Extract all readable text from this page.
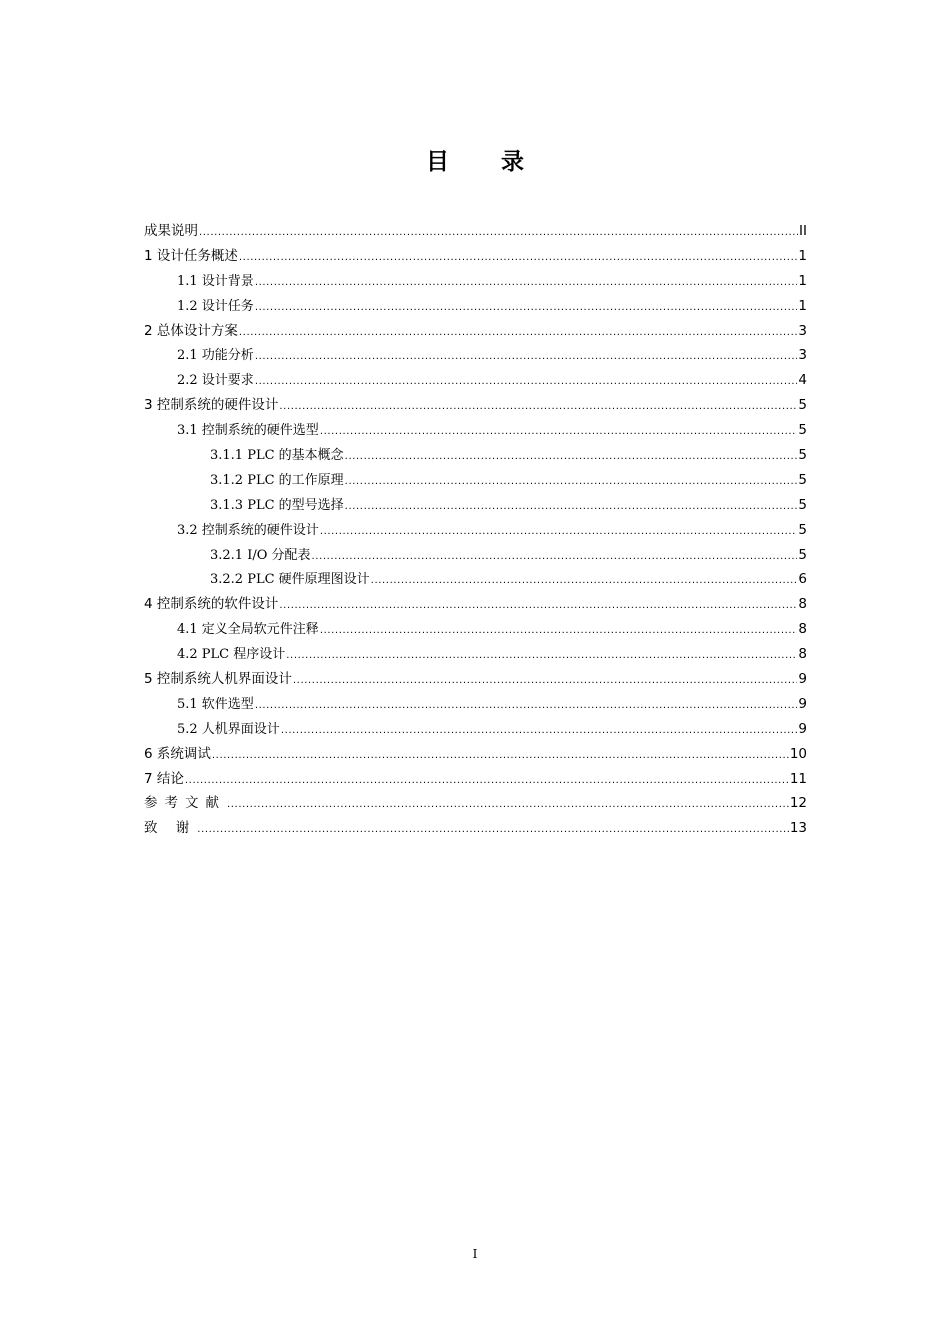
目 录
成果说明 .....	II
1 设计任务概述 .....	1
1.1 设计背景 .....	1
1.2 设计任务 .....	1
2 总体设计方案 .....	3
2.1 功能分析 .....	3
2.2 设计要求 .....	4
3 控制系统的硬件设计 .....	5
3.1 控制系统的硬件选型 .....	5
3.1.1 PLC 的基本概念 .....	5
3.1.2 PLC 的工作原理 .....	5
3.1.3 PLC 的型号选择 .....	5
3.2 控制系统的硬件设计 .....	5
3.2.1 I/O 分配表 .....	5
3.2.2 PLC 硬件原理图设计 .....	6
4 控制系统的软件设计 .....	8
4.1 定义全局软元件注释 .....	8
4.2 PLC 程序设计 .....	8
5 控制系统人机界面设计 .....	9
5.1 软件选型 .....	9
5.2 人机界面设计 .....	9
6 系统调试 .....	10
7 结论 .....	11
参考文献 .....	12
致 谢 .....	13
I
